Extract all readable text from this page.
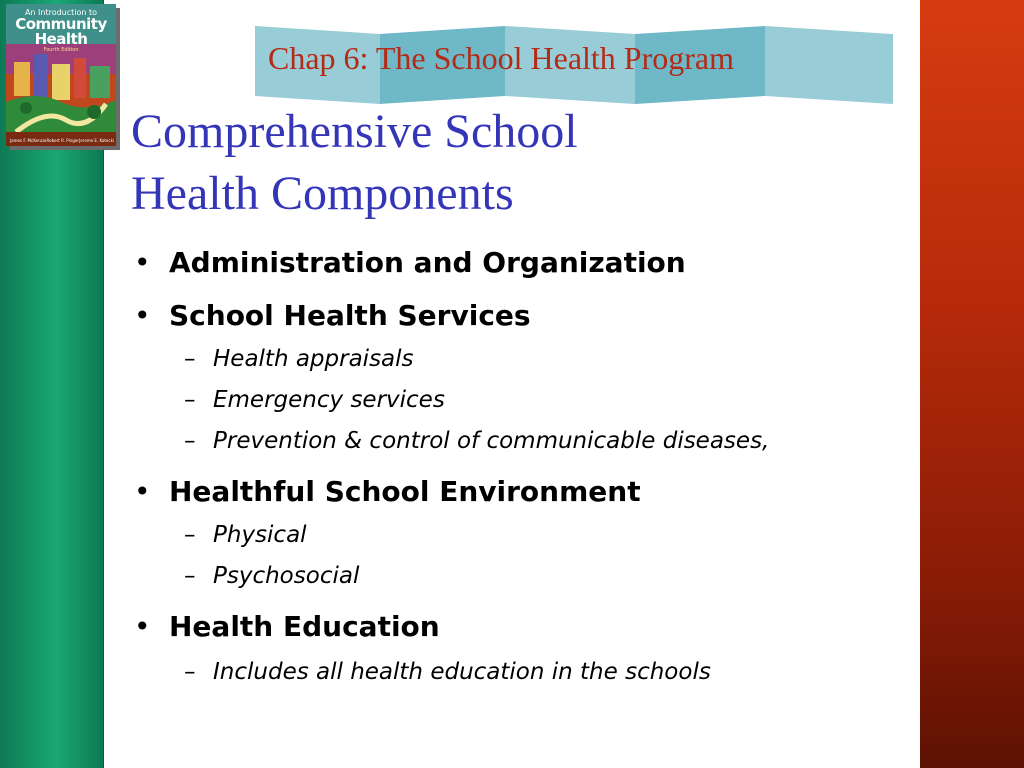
An Introduction to
Community
Health
Fourth Edition
James F. McKenzie Robert R. Pinger Jerome E. Kotecki
Chap 6: The School Health Program
Comprehensive School
Health Components
• Administration and Organization
• School Health Services
– Health appraisals
– Emergency services
– Prevention & control of communicable diseases,
• Healthful School Environment
– Physical
– Psychosocial
• Health Education
– Includes all health education in the schools
